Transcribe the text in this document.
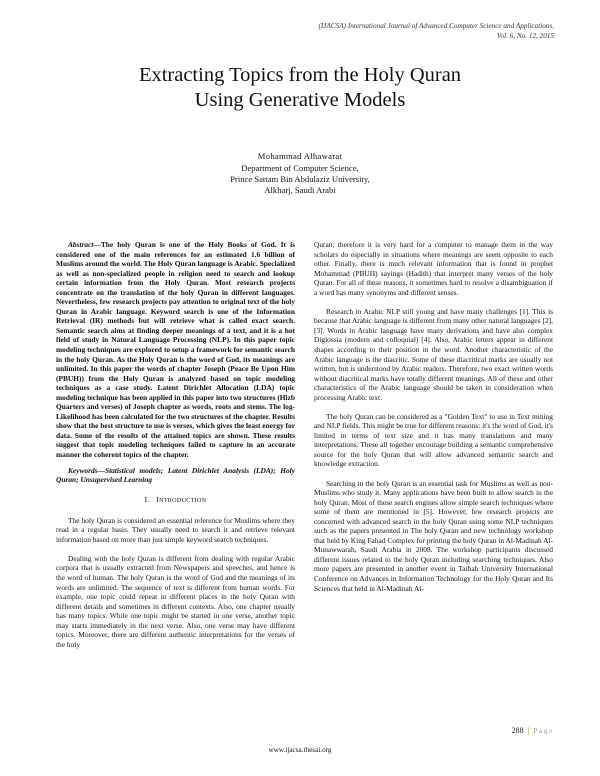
(IJACSA) International Journal of Advanced Computer Science and Applications,
Vol. 6, No. 12, 2015
Extracting Topics from the Holy Quran
Using Generative Models
Mohammad Alhawarat
Department of Computer Science,
Prince Sattam Bin Abdulaziz University,
Alkharj, Saudi Arabi

Abstract—The holy Quran is one of the Holy Books of God. It is considered one of the main references for an estimated 1.6 billion of Muslims around the world. The Holy Quran language is Arabic. Specialized as well as non-specialized people in religion need to search and lookup certain information from the Holy Quran. Most research projects concentrate on the translation of the holy Quran in different languages. Nevertheless, few research projects pay attention to original text of the holy Quran in Arabic language. Keyword search is one of the Information Retrieval (IR) methods but will retrieve what is called exact search. Semantic search aims at finding deeper meanings of a text, and it is a hot field of study in Natural Language Processing (NLP). In this paper topic modeling techniques are explored to setup a framework for semantic search in the holy Quran. As the Holy Quran is the word of God, its meanings are unlimited. In this paper the words of chapter Joseph (Peace Be Upon Him (PBUH)) from the Holy Quran is analyzed based on topic modeling techniques as a case study. Latent Dirichlet Allocation (LDA) topic modeling technique has been applied in this paper into two structures (Hizb Quarters and verses) of Joseph chapter as words, roots and stems. The log-Likelihood has been calculated for the two structures of the chapter. Results show that the best structure to use is verses, which gives the least energy for data. Some of the results of the attained topics are shown. These results suggest that topic modeling techniques failed to capture in an accurate manner the coherent topics of the chapter.

Keywords—Statistical models; Latent Dirichlet Analysis (LDA); Holy Quran; Unsupervised Learning

I. INTRODUCTION

The holy Quran is considered an essential reference for Muslims where they read in a regular basis. They usually need to search it and retrieve relevant information based on more than just simple keyword search techniques.

Dealing with the holy Quran is different from dealing with regular Arabic corpora that is usually extracted from Newspapers and speeches, and hence is the word of human. The holy Quran is the word of God and the meanings of its words are unlimited. The sequence of text is different from human words. For example, one topic could repeat in different places in the holy Quran with different details and sometimes in different contexts. Also, one chapter usually has many topics. While one topic might be started in one verse, another topic may starts immediately in the next verse. Also, one verse may have different topics. Moreover, there are different authentic interpretations for the verses of the holy

Quran; therefore it is very hard for a computer to manage them in the way scholars do especially in situations where meanings are seem opposite to each other. Finally, there is much relevant information that is found in prophet Mohammad (PBUH) sayings (Hadith) that interpret many verses of the holy Quran. For all of these reasons, it sometimes hard to resolve a disambiguation if a word has many synonyms and different senses.

Research in Arabic NLP still young and have many challenges [1]. This is because that Arabic language is different from many other natural languages [2], [3]. Words in Arabic language have many derivations and have also complex Diglossia (modern and colloquial) [4]. Also, Arabic letters appear in different shapes according to their position in the word. Another characteristic of the Arabic language is the diacritic. Some of these diacritical marks are usually not written, but is understood by Arabic readers. Therefore, two exact written words without diacritical marks have totally different meanings. All of these and other characteristics of the Arabic language should be taken in consideration when processing Arabic text.

The holy Quran can be considered as a "Golden Text" to use in Text mining and NLP fields. This might be true for different reasons: it's the word of God, it's limited in terms of text size and it has many translations and many interpretations. These all together encourage building a semantic comprehensive source for the holy Quran that will allow advanced semantic search and knowledge extraction.

Searching in the holy Quran is an essential task for Muslims as well as non-Muslims who study it. Many applications have been built to allow search in the holy Quran. Most of these search engines allow simple search techniques where some of them are mentioned in [5]. However, few research projects are concerned with advanced search in the holy Quran using some NLP techniques such as the papers presented in The holy Quran and new technology workshop that held by King Fahad Complex for printing the holy Quran in Al-Madinah Al-Munawwarah, Saudi Arabia in 2008. The workshop participants discussed different issues related to the holy Quran including searching techniques. Also more papers are presented in another event in Taibah University International Conference on Advances in Information Technology for the Holy Quran and Its Sciences that held in Al-Madinah Al-

288 | Page
www.ijacsa.thesai.org
